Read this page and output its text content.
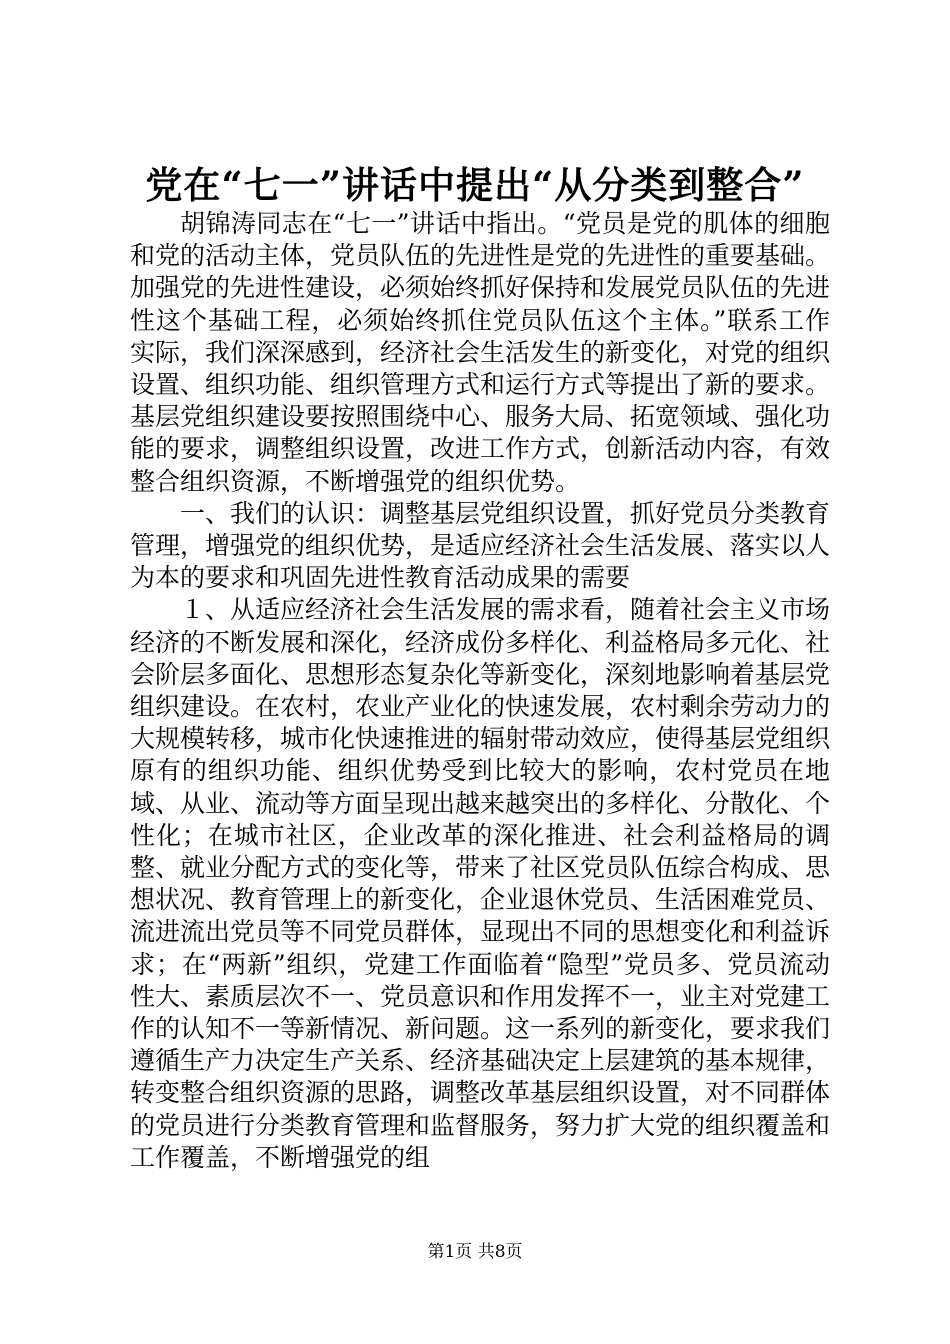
党在“七一”讲话中提出“从分类到整合”

胡锦涛同志在“七一”讲话中指出。“党员是党的肌体的细胞和党的活动主体，党员队伍的先进性是党的先进性的重要基础。加强党的先进性建设，必须始终抓好保持和发展党员队伍的先进性这个基础工程，必须始终抓住党员队伍这个主体。”联系工作实际，我们深深感到，经济社会生活发生的新变化，对党的组织设置、组织功能、组织管理方式和运行方式等提出了新的要求。基层党组织建设要按照围绕中心、服务大局、拓宽领域、强化功能的要求，调整组织设置，改进工作方式，创新活动内容，有效整合组织资源，不断增强党的组织优势。

一、我们的认识：调整基层党组织设置，抓好党员分类教育管理，增强党的组织优势，是适应经济社会生活发展、落实以人为本的要求和巩固先进性教育活动成果的需要

１、从适应经济社会生活发展的需求看，随着社会主义市场经济的不断发展和深化，经济成份多样化、利益格局多元化、社会阶层多面化、思想形态复杂化等新变化，深刻地影响着基层党组织建设。在农村，农业产业化的快速发展，农村剩余劳动力的大规模转移，城市化快速推进的辐射带动效应，使得基层党组织原有的组织功能、组织优势受到比较大的影响，农村党员在地域、从业、流动等方面呈现出越来越突出的多样化、分散化、个性化；在城市社区，企业改革的深化推进、社会利益格局的调整、就业分配方式的变化等，带来了社区党员队伍综合构成、思想状况、教育管理上的新变化，企业退休党员、生活困难党员、流进流出党员等不同党员群体，显现出不同的思想变化和利益诉求；在“两新”组织，党建工作面临着“隐型”党员多、党员流动性大、素质层次不一、党员意识和作用发挥不一，业主对党建工作的认知不一等新情况、新问题。这一系列的新变化，要求我们遵循生产力决定生产关系、经济基础决定上层建筑的基本规律，转变整合组织资源的思路，调整改革基层组织设置，对不同群体的党员进行分类教育管理和监督服务，努力扩大党的组织覆盖和工作覆盖，不断增强党的组

第1页 共8页
